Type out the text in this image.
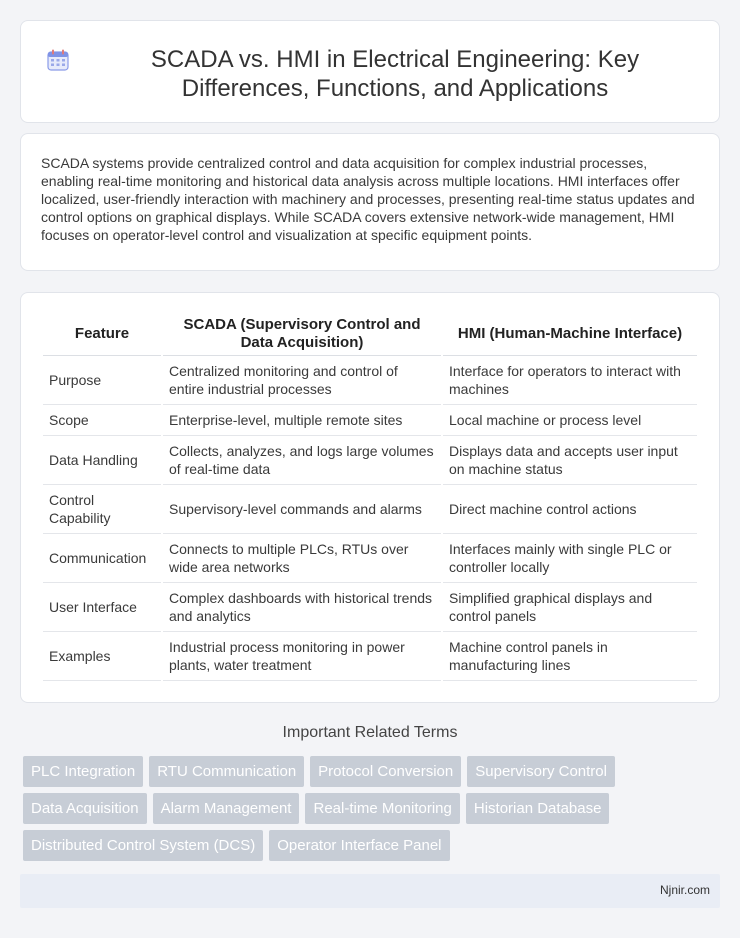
SCADA vs. HMI in Electrical Engineering: Key Differences, Functions, and Applications

SCADA systems provide centralized control and data acquisition for complex industrial processes, enabling real-time monitoring and historical data analysis across multiple locations. HMI interfaces offer localized, user-friendly interaction with machinery and processes, presenting real-time status updates and control options on graphical displays. While SCADA covers extensive network-wide management, HMI focuses on operator-level control and visualization at specific equipment points.

Feature	SCADA (Supervisory Control and Data Acquisition)	HMI (Human-Machine Interface)
Purpose	Centralized monitoring and control of entire industrial processes	Interface for operators to interact with machines
Scope	Enterprise-level, multiple remote sites	Local machine or process level
Data Handling	Collects, analyzes, and logs large volumes of real-time data	Displays data and accepts user input on machine status
Control Capability	Supervisory-level commands and alarms	Direct machine control actions
Communication	Connects to multiple PLCs, RTUs over wide area networks	Interfaces mainly with single PLC or controller locally
User Interface	Complex dashboards with historical trends and analytics	Simplified graphical displays and control panels
Examples	Industrial process monitoring in power plants, water treatment	Machine control panels in manufacturing lines
Important Related Terms
PLC Integration	RTU Communication	Protocol Conversion	Supervisory Control
Data Acquisition	Alarm Management	Real-time Monitoring	Historian Database
Distributed Control System (DCS)	Operator Interface Panel
Njnir.com
